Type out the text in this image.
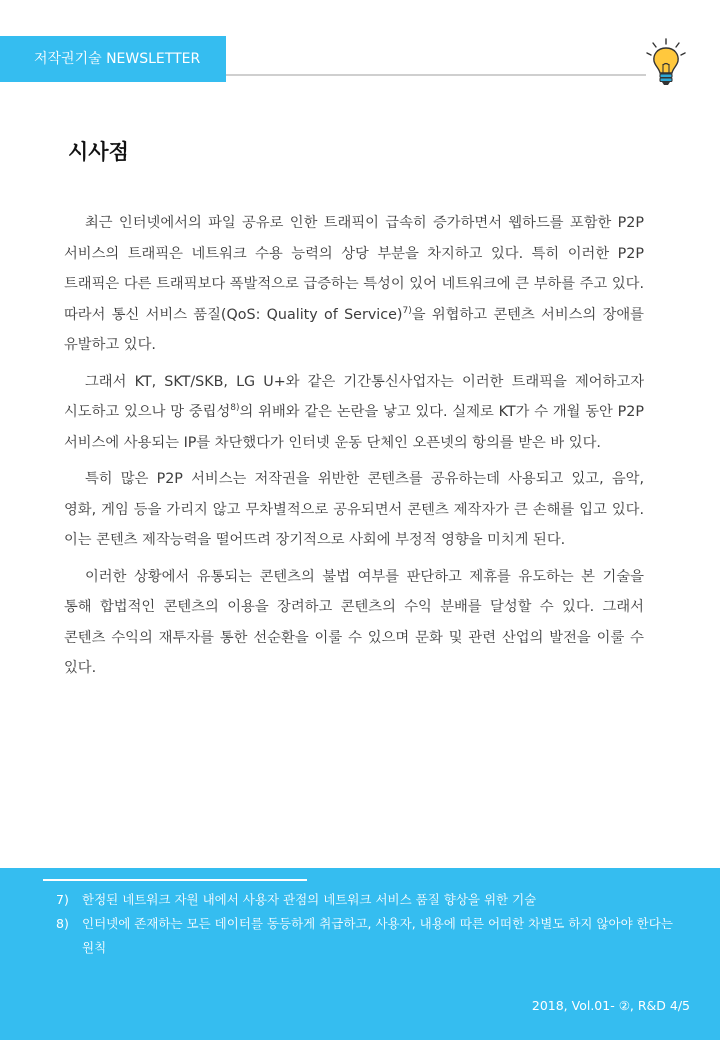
저작권기술 NEWSLETTER
시사점

최근 인터넷에서의 파일 공유로 인한 트래픽이 급속히 증가하면서 웹하드를 포함한 P2P 서비스의 트래픽은 네트워크 수용 능력의 상당 부분을 차지하고 있다. 특히 이러한 P2P 트래픽은 다른 트래픽보다 폭발적으로 급증하는 특성이 있어 네트워크에 큰 부하를 주고 있다. 따라서 통신 서비스 품질(QoS: Quality of Service)$^{7)}$을 위협하고 콘텐츠 서비스의 장애를 유발하고 있다.

그래서 KT, SKT/SKB, LG U+와 같은 기간통신사업자는 이러한 트래픽을 제어하고자 시도하고 있으나 망 중립성$^{8)}$의 위배와 같은 논란을 낳고 있다. 실제로 KT가 수 개월 동안 P2P 서비스에 사용되는 IP를 차단했다가 인터넷 운동 단체인 오픈넷의 항의를 받은 바 있다.

특히 많은 P2P 서비스는 저작권을 위반한 콘텐츠를 공유하는데 사용되고 있고, 음악, 영화, 게임 등을 가리지 않고 무차별적으로 공유되면서 콘텐츠 제작자가 큰 손해를 입고 있다. 이는 콘텐츠 제작능력을 떨어뜨려 장기적으로 사회에 부정적 영향을 미치게 된다.

이러한 상황에서 유통되는 콘텐츠의 불법 여부를 판단하고 제휴를 유도하는 본 기술을 통해 합법적인 콘텐츠의 이용을 장려하고 콘텐츠의 수익 분배를 달성할 수 있다. 그래서 콘텐츠 수익의 재투자를 통한 선순환을 이룰 수 있으며 문화 및 관련 산업의 발전을 이룰 수 있다.

7)	한정된 네트워크 자원 내에서 사용자 관점의 네트워크 서비스 품질 향상을 위한 기술
8)	인터넷에 존재하는 모든 데이터를 동등하게 취급하고, 사용자, 내용에 따른 어떠한 차별도 하지 않아야 한다는 원칙
2018, Vol.01- ②, R&D 4/5
